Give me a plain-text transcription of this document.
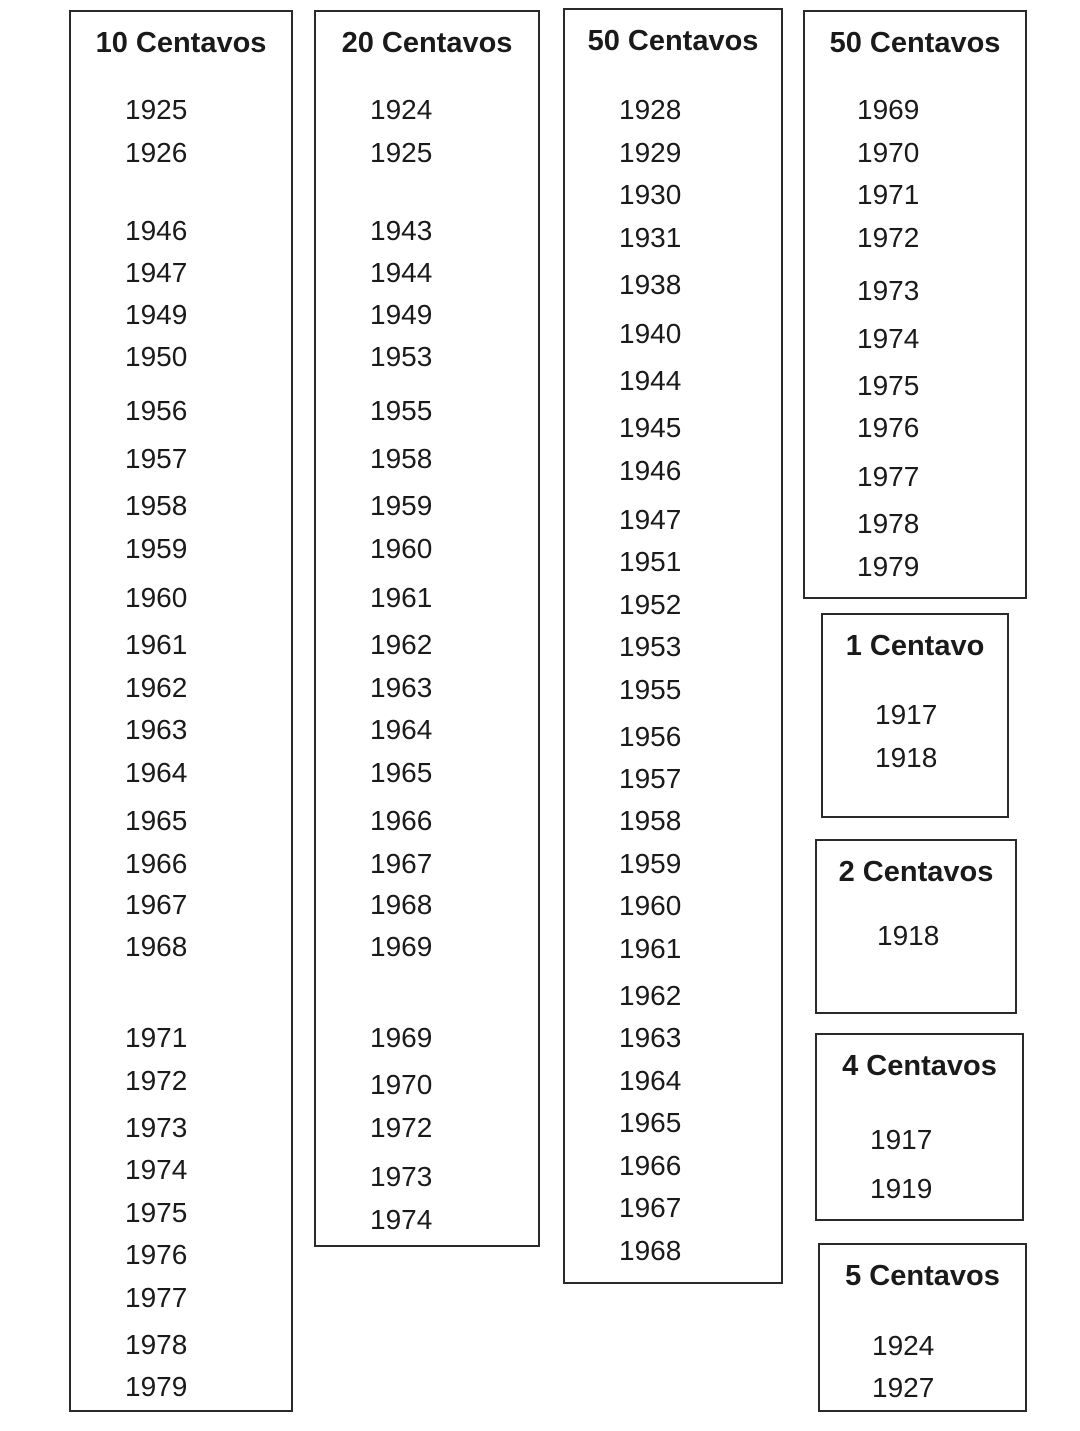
10 Centavos
1925
1926
1946
1947
1949
1950
1956
1957
1958
1959
1960
1961
1962
1963
1964
1965
1966
1967
1968
1971
1972
1973
1974
1975
1976
1977
1978
1979
20 Centavos
1924
1925
1943
1944
1949
1953
1955
1958
1959
1960
1961
1962
1963
1964
1965
1966
1967
1968
1969
1969
1970
1972
1973
1974
50 Centavos
1928
1929
1930
1931
1938
1940
1944
1945
1946
1947
1951
1952
1953
1955
1956
1957
1958
1959
1960
1961
1962
1963
1964
1965
1966
1967
1968
50 Centavos
1969
1970
1971
1972
1973
1974
1975
1976
1977
1978
1979
1 Centavo
1917
1918
2 Centavos
1918
4 Centavos
1917
1919
5 Centavos
1924
1927
